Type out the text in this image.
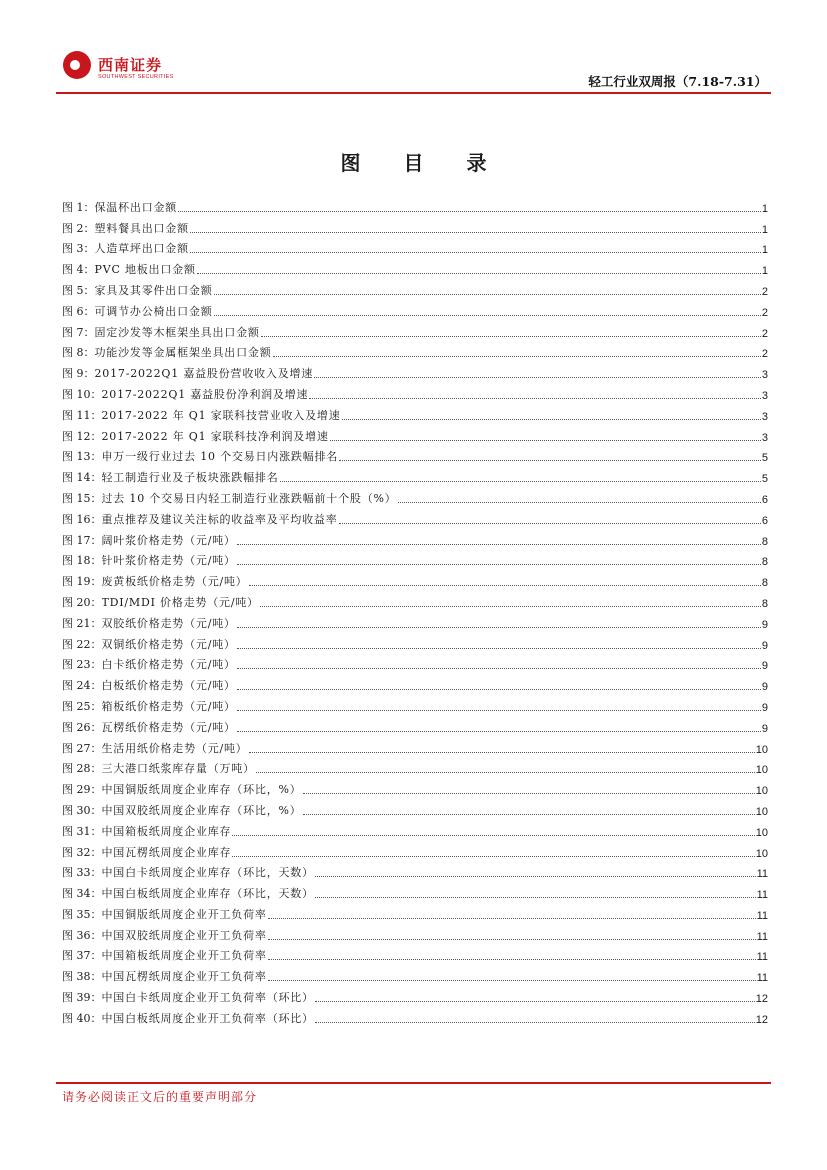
西南证券
SOUTHWEST SECURITIES	轻工行业双周报（7.18-7.31）
图 目 录
图 1： 保温杯出口金额	1
图 2： 塑料餐具出口金额	1
图 3： 人造草坪出口金额	1
图 4： PVC 地板出口金额	1
图 5： 家具及其零件出口金额	2
图 6： 可调节办公椅出口金额	2
图 7： 固定沙发等木框架坐具出口金额	2
图 8： 功能沙发等金属框架坐具出口金额	2
图 9： 2017-2022Q1 嘉益股份营收收入及增速	3
图 10： 2017-2022Q1 嘉益股份净利润及增速	3
图 11： 2017-2022 年 Q1 家联科技营业收入及增速	3
图 12： 2017-2022 年 Q1 家联科技净利润及增速	3
图 13： 申万一级行业过去 10 个交易日内涨跌幅排名	5
图 14： 轻工制造行业及子板块涨跌幅排名	5
图 15： 过去 10 个交易日内轻工制造行业涨跌幅前十个股（%）	6
图 16： 重点推荐及建议关注标的收益率及平均收益率	6
图 17： 阔叶浆价格走势（元/吨）	8
图 18： 针叶浆价格走势（元/吨）	8
图 19： 废黄板纸价格走势（元/吨）	8
图 20： TDI/MDI 价格走势（元/吨）	8
图 21： 双胶纸价格走势（元/吨）	9
图 22： 双铜纸价格走势（元/吨）	9
图 23： 白卡纸价格走势（元/吨）	9
图 24： 白板纸价格走势（元/吨）	9
图 25： 箱板纸价格走势（元/吨）	9
图 26： 瓦楞纸价格走势（元/吨）	9
图 27： 生活用纸价格走势（元/吨）	10
图 28： 三大港口纸浆库存量（万吨）	10
图 29： 中国铜版纸周度企业库存（环比，%）	10
图 30： 中国双胶纸周度企业库存（环比，%）	10
图 31： 中国箱板纸周度企业库存	10
图 32： 中国瓦楞纸周度企业库存	10
图 33： 中国白卡纸周度企业库存（环比，天数）	11
图 34： 中国白板纸周度企业库存（环比，天数）	11
图 35： 中国铜版纸周度企业开工负荷率	11
图 36： 中国双胶纸周度企业开工负荷率	11
图 37： 中国箱板纸周度企业开工负荷率	11
图 38： 中国瓦楞纸周度企业开工负荷率	11
图 39： 中国白卡纸周度企业开工负荷率（环比）	12
图 40： 中国白板纸周度企业开工负荷率（环比）	12
请务必阅读正文后的重要声明部分
